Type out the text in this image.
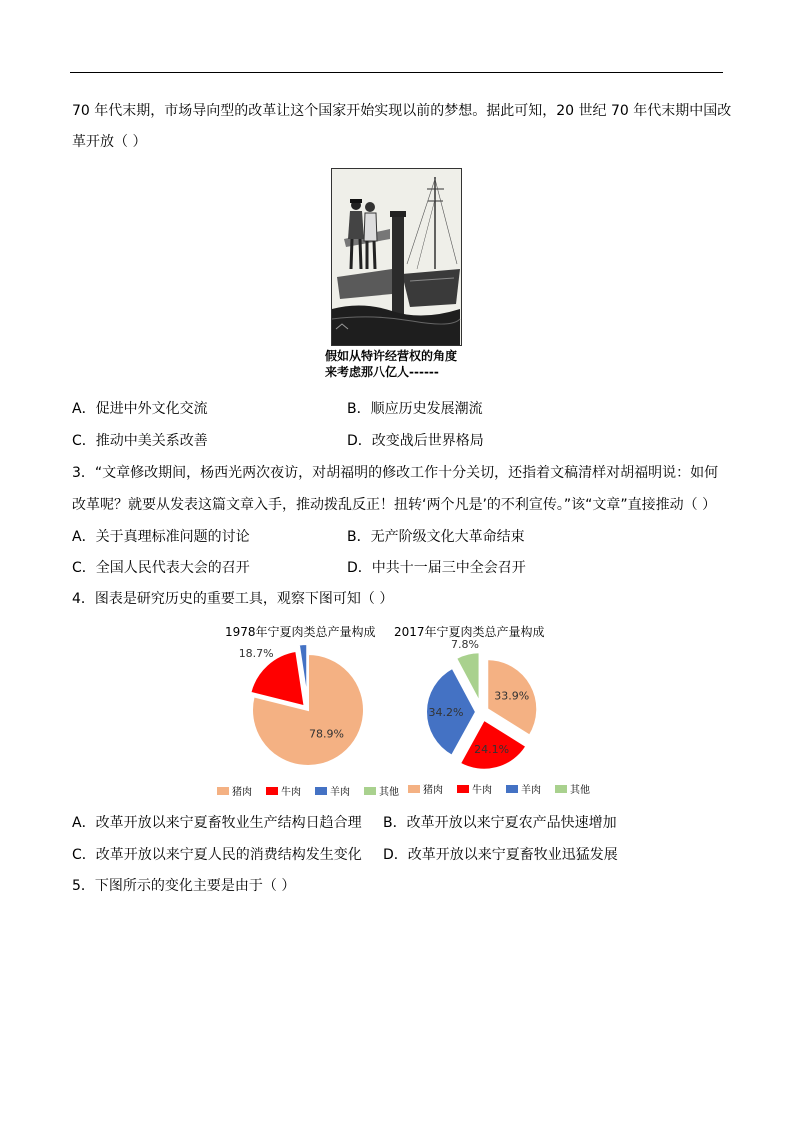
70 年代末期，市场导向型的改革让这个国家开始实现以前的梦想。据此可知，20 世纪 70 年代末期中国改
革开放（ ）
假如从特许经营权的角度
来考虑那八亿人------
A．促进中外文化交流	B．顺应历史发展潮流
C．推动中美关系改善	D．改变战后世界格局
3．“文章修改期间，杨西光两次夜访，对胡福明的修改工作十分关切，还指着文稿清样对胡福明说：如何
改革呢？就要从发表这篇文章入手，推动拨乱反正！扭转‘两个凡是’的不利宣传。”该“文章”直接推动（ ）
A．关于真理标准问题的讨论	B．无产阶级文化大革命结束
C．全国人民代表大会的召开	D．中共十一届三中全会召开
4．图表是研究历史的重要工具，观察下图可知（ ）
1978年宁夏肉类总产量构成 2017年宁夏肉类总产量构成
78.9%
18.7%
33.9%
24.1%
34.2%
7.8%
猪肉	牛肉	羊肉	其他 猪肉	牛肉	羊肉	其他
A．改革开放以来宁夏畜牧业生产结构日趋合理 B．改革开放以来宁夏农产品快速增加
C．改革开放以来宁夏人民的消费结构发生变化 D．改革开放以来宁夏畜牧业迅猛发展
5．下图所示的变化主要是由于（ ）
